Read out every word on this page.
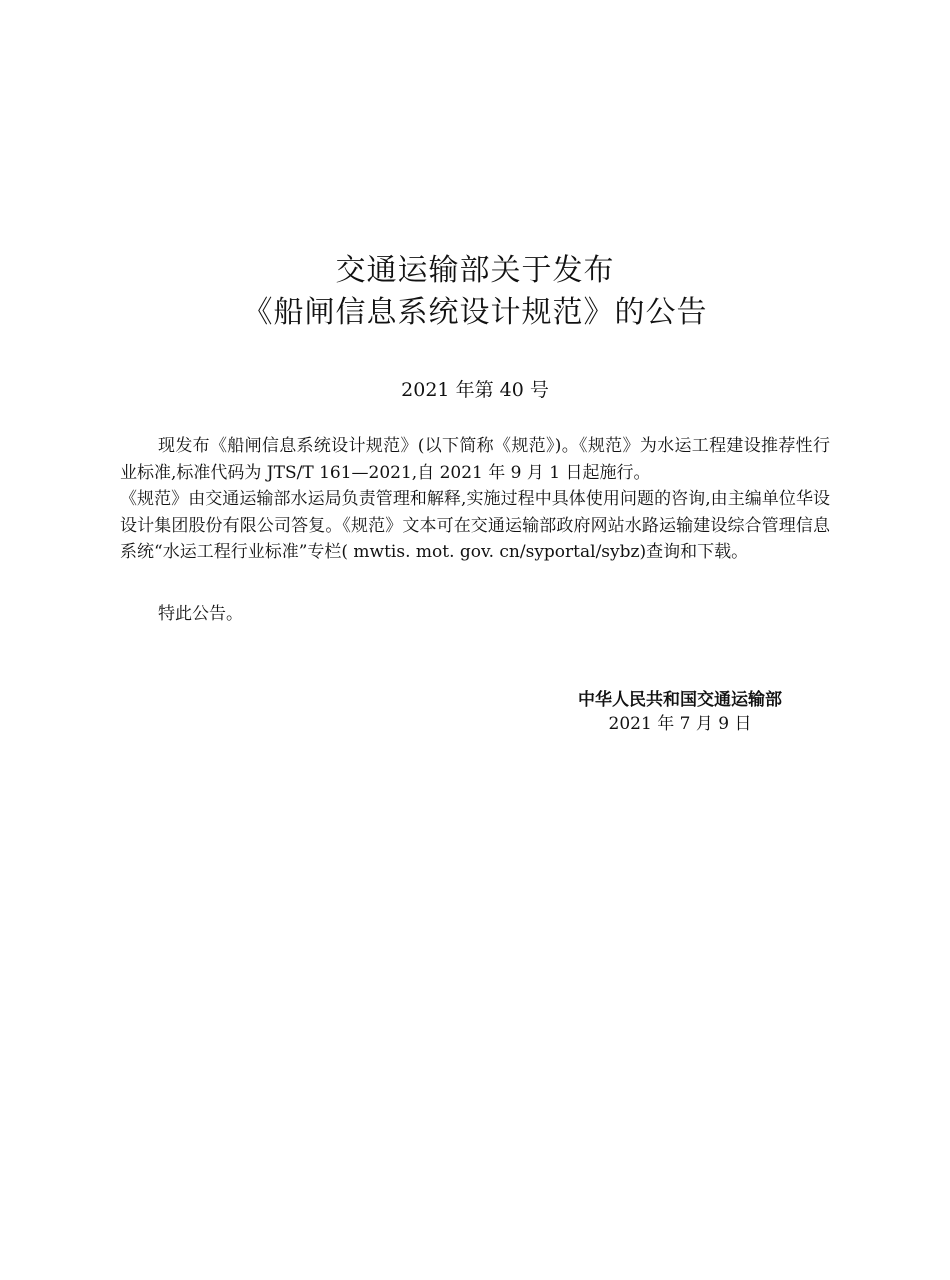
交通运输部关于发布
《船闸信息系统设计规范》的公告
2021 年第 40 号

现发布《船闸信息系统设计规范》(以下简称《规范》)。《规范》为水运工程建设推荐性行业标准,标准代码为 JTS/T 161—2021,自 2021 年 9 月 1 日起施行。

《规范》由交通运输部水运局负责管理和解释,实施过程中具体使用问题的咨询,由主编单位华设设计集团股份有限公司答复。《规范》文本可在交通运输部政府网站水路运输建设综合管理信息系统“水运工程行业标准”专栏( mwtis. mot. gov. cn/syportal/sybz)查询和下载。

特此公告。

中华人民共和国交通运输部
2021 年 7 月 9 日
